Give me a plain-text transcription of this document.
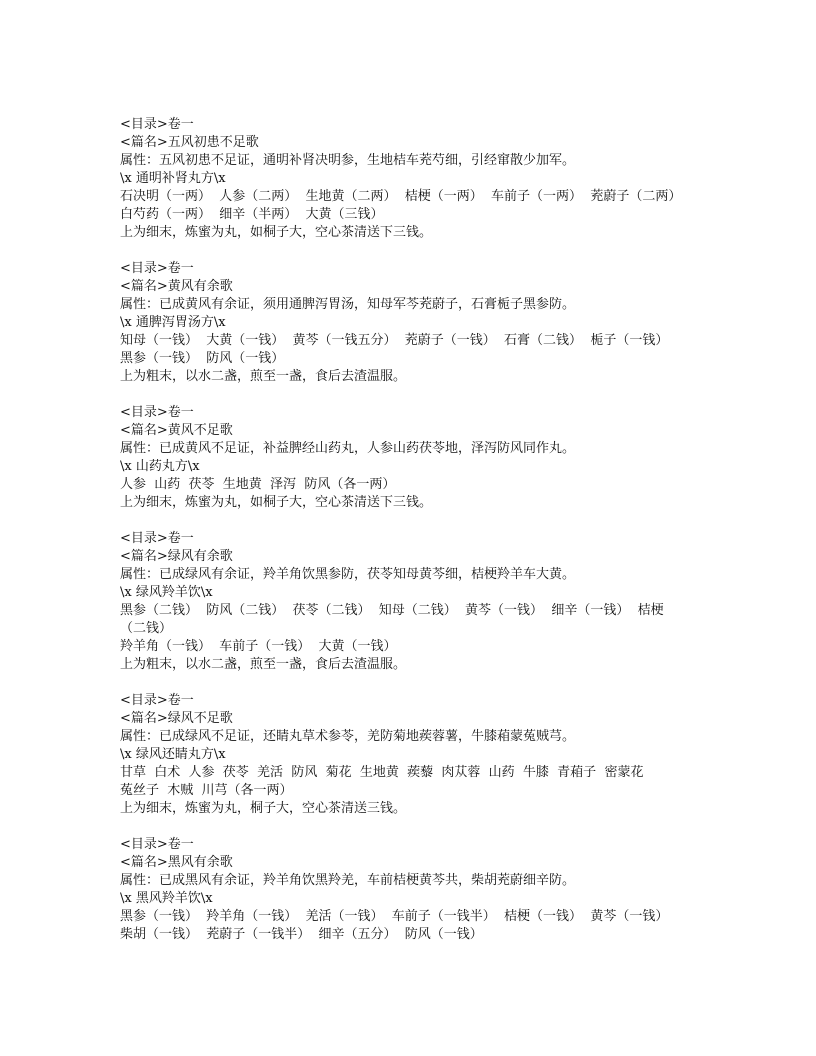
<目录>卷一
<篇名>五风初患不足歌
属性：五风初患不足证，通明补肾决明参，生地桔车茺芍细，引经窜散少加军。
\x 通明补肾丸方\x
石决明（一两）  人参（二两）  生地黄（二两）  桔梗（一两）  车前子（一两）  茺蔚子（二两）
白芍药（一两）  细辛（半两）  大黄（三钱）
上为细末，炼蜜为丸，如桐子大，空心茶清送下三钱。
<目录>卷一
<篇名>黄风有余歌
属性：已成黄风有余证，须用通脾泻胃汤，知母军芩茺蔚子，石膏栀子黑参防。
\x 通脾泻胃汤方\x
知母（一钱）  大黄（一钱）  黄芩（一钱五分）  茺蔚子（一钱）  石膏（二钱）  栀子（一钱）
黑参（一钱）  防风（一钱）
上为粗末，以水二盏，煎至一盏，食后去渣温服。
<目录>卷一
<篇名>黄风不足歌
属性：已成黄风不足证，补益脾经山药丸，人参山药茯苓地，泽泻防风同作丸。
\x 山药丸方\x
人参  山药  茯苓  生地黄  泽泻  防风（各一两）
上为细末，炼蜜为丸，如桐子大，空心茶清送下三钱。
<目录>卷一
<篇名>绿风有余歌
属性：已成绿风有余证，羚羊角饮黑参防，茯苓知母黄芩细，桔梗羚羊车大黄。
\x 绿风羚羊饮\x
黑参（二钱）  防风（二钱）  茯苓（二钱）  知母（二钱）  黄芩（一钱）  细辛（一钱）  桔梗
（二钱）
羚羊角（一钱）  车前子（一钱）  大黄（一钱）
上为粗末，以水二盏，煎至一盏，食后去渣温服。
<目录>卷一
<篇名>绿风不足歌
属性：已成绿风不足证，还睛丸草术参苓，羌防菊地蒺蓉薯，牛膝葙蒙菟贼芎。
\x 绿风还睛丸方\x
甘草  白术  人参  茯苓  羌活  防风  菊花  生地黄  蒺藜  肉苁蓉  山药  牛膝  青葙子  密蒙花
菟丝子  木贼  川芎（各一两）
上为细末，炼蜜为丸，桐子大，空心茶清送三钱。
<目录>卷一
<篇名>黑风有余歌
属性：已成黑风有余证，羚羊角饮黑羚羌，车前桔梗黄芩共，柴胡茺蔚细辛防。
\x 黑风羚羊饮\x
黑参（一钱）  羚羊角（一钱）  羌活（一钱）  车前子（一钱半）  桔梗（一钱）  黄芩（一钱）
柴胡（一钱）  茺蔚子（一钱半）  细辛（五分）  防风（一钱）
